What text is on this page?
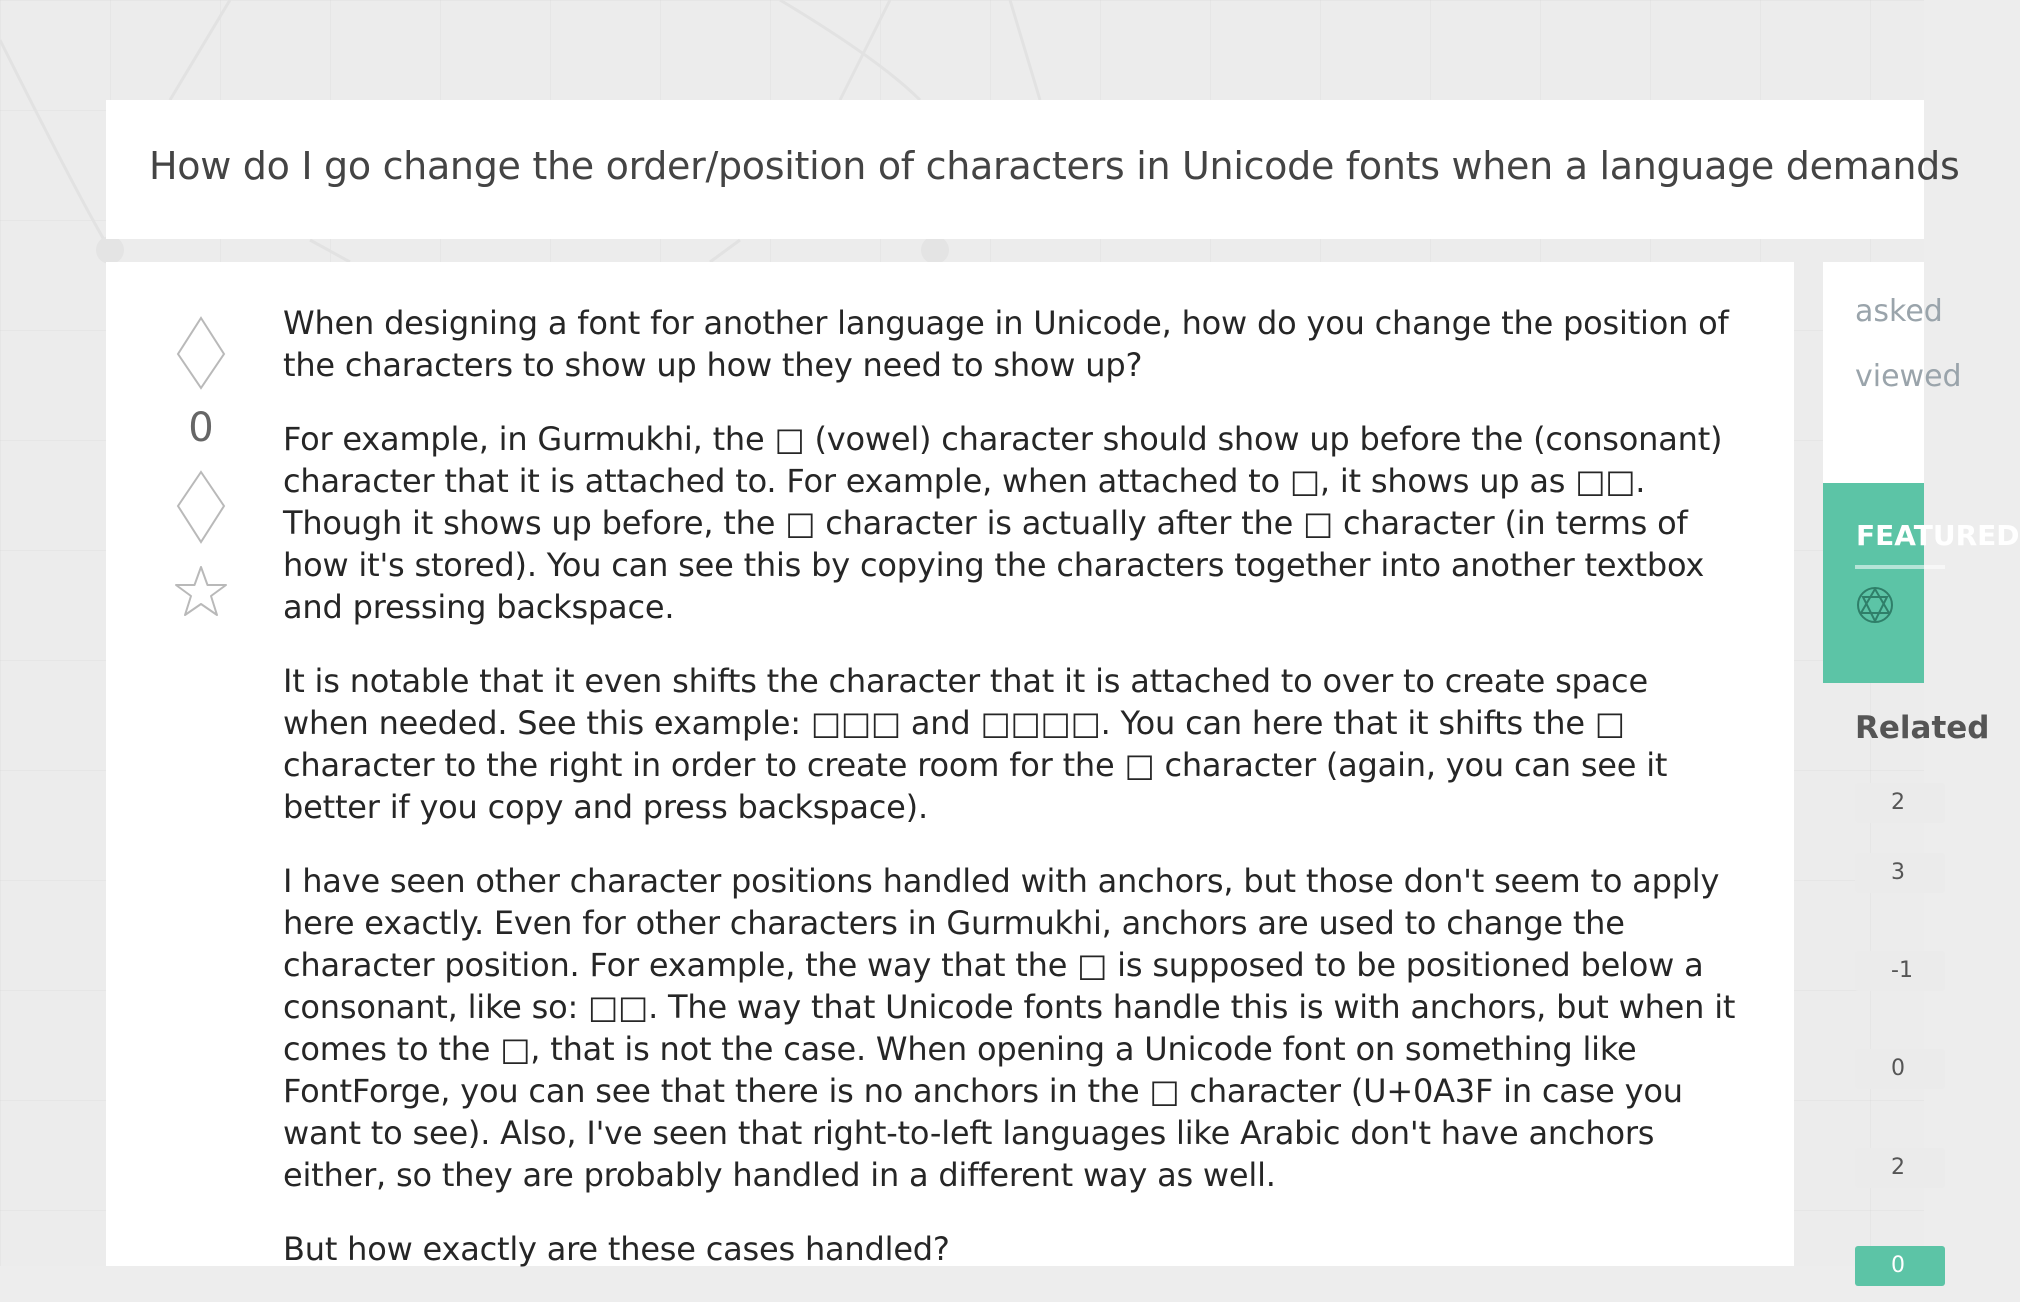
How do I go change the order/position of characters in Unicode fonts when a language demands
0

When designing a font for another language in Unicode, how do you change the position of the characters to show up how they need to show up?

For example, in Gurmukhi, the □ (vowel) character should show up before the (consonant) character that it is attached to. For example, when attached to □, it shows up as □□. Though it shows up before, the □ character is actually after the □ character (in terms of how it's stored). You can see this by copying the characters together into another textbox and pressing backspace.

It is notable that it even shifts the character that it is attached to over to create space when needed. See this example: □□□ and □□□□. You can here that it shifts the □ character to the right in order to create room for the □ character (again, you can see it better if you copy and press backspace).

I have seen other character positions handled with anchors, but those don't seem to apply here exactly. Even for other characters in Gurmukhi, anchors are used to change the character position. For example, the way that the □ is supposed to be positioned below a consonant, like so: □□. The way that Unicode fonts handle this is with anchors, but when it comes to the □, that is not the case. When opening a Unicode font on something like FontForge, you can see that there is no anchors in the □ character (U+0A3F in case you want to see). Also, I've seen that right-to-left languages like Arabic don't have anchors either, so they are probably handled in a different way as well.

But how exactly are these cases handled?

asked
viewed
FEATURED
Related
2
3
-1
0
2
0
